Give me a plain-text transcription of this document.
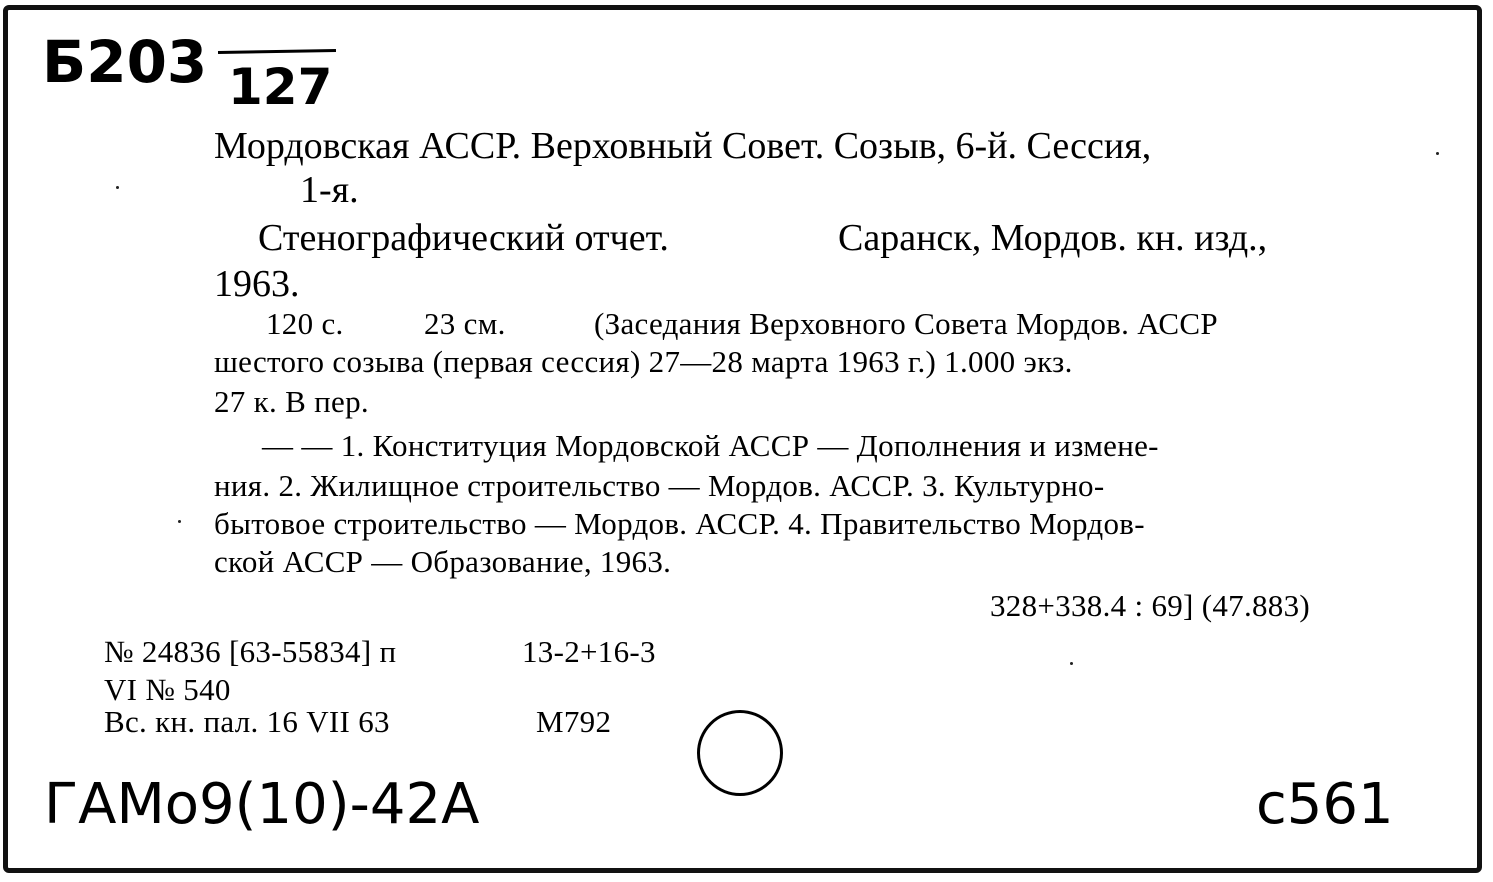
Б203 127
Мордовская АССР. Верховный Совет. Созыв, 6-й. Сессия,
1-я.
Стенографический отчет.	Саранск, Мордов. кн. изд.,
1963.
120 с.	23 см.	(Заседания Верховного Совета Мордов. АССР
шестого созыва (первая сессия) 27—28 марта 1963 г.) 1.000 экз.
27 к. В пер.
— — 1. Конституция Мордовской АССР — Дополнения и измене-
ния. 2. Жилищное строительство — Мордов. АССР. 3. Культурно-
бытовое строительство — Мордов. АССР. 4. Правительство Мордов-
ской АССР — Образование, 1963.
328+338.4 : 69] (47.883)
№ 24836 [63-55834] п	13-2+16-3
VI № 540
Вс. кн. пал. 16 VII 63	М792
ГАМо9(10)-42А	с561
